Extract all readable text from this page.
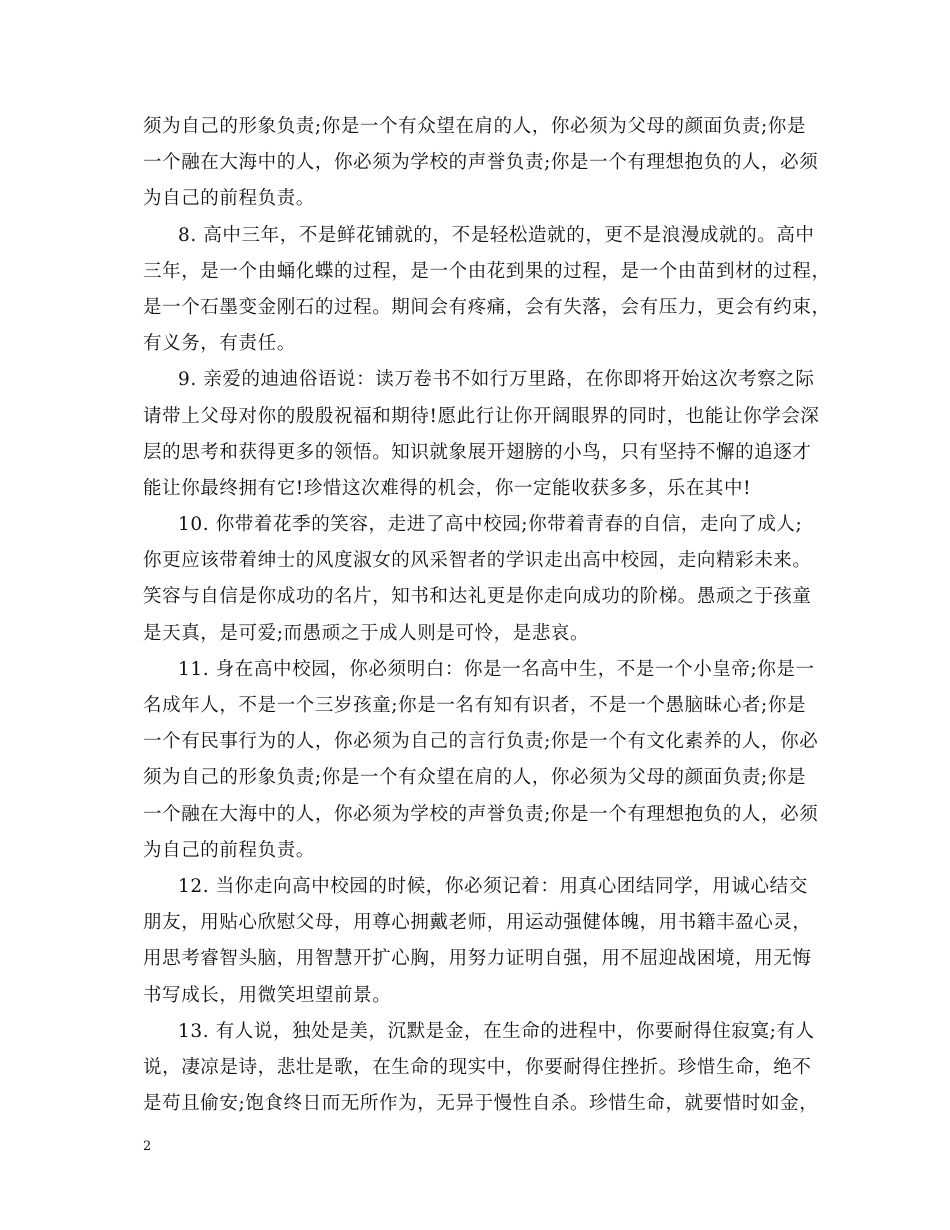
须为自己的形象负责;你是一个有众望在肩的人，你必须为父母的颜面负责;你是
一个融在大海中的人，你必须为学校的声誉负责;你是一个有理想抱负的人，必须
为自己的前程负责。
8. 高中三年，不是鲜花铺就的，不是轻松造就的，更不是浪漫成就的。高中
三年，是一个由蛹化蝶的过程，是一个由花到果的过程，是一个由苗到材的过程，
是一个石墨变金刚石的过程。期间会有疼痛，会有失落，会有压力，更会有约束，
有义务，有责任。
9. 亲爱的迪迪俗语说：读万卷书不如行万里路，在你即将开始这次考察之际
请带上父母对你的殷殷祝福和期待!愿此行让你开阔眼界的同时，也能让你学会深
层的思考和获得更多的领悟。知识就象展开翅膀的小鸟，只有坚持不懈的追逐才
能让你最终拥有它!珍惜这次难得的机会，你一定能收获多多，乐在其中!
10. 你带着花季的笑容，走进了高中校园;你带着青春的自信，走向了成人;
你更应该带着绅士的风度淑女的风采智者的学识走出高中校园，走向精彩未来。
笑容与自信是你成功的名片，知书和达礼更是你走向成功的阶梯。愚顽之于孩童
是天真，是可爱;而愚顽之于成人则是可怜，是悲哀。
11. 身在高中校园，你必须明白：你是一名高中生，不是一个小皇帝;你是一
名成年人，不是一个三岁孩童;你是一名有知有识者，不是一个愚脑昧心者;你是
一个有民事行为的人，你必须为自己的言行负责;你是一个有文化素养的人，你必
须为自己的形象负责;你是一个有众望在肩的人，你必须为父母的颜面负责;你是
一个融在大海中的人，你必须为学校的声誉负责;你是一个有理想抱负的人，必须
为自己的前程负责。
12. 当你走向高中校园的时候，你必须记着：用真心团结同学，用诚心结交
朋友，用贴心欣慰父母，用尊心拥戴老师，用运动强健体魄，用书籍丰盈心灵，
用思考睿智头脑，用智慧开扩心胸，用努力证明自强，用不屈迎战困境，用无悔
书写成长，用微笑坦望前景。
13. 有人说，独处是美，沉默是金，在生命的进程中，你要耐得住寂寞;有人
说，凄凉是诗，悲壮是歌，在生命的现实中，你要耐得住挫折。珍惜生命，绝不
是苟且偷安;饱食终日而无所作为，无异于慢性自杀。珍惜生命，就要惜时如金，
2
